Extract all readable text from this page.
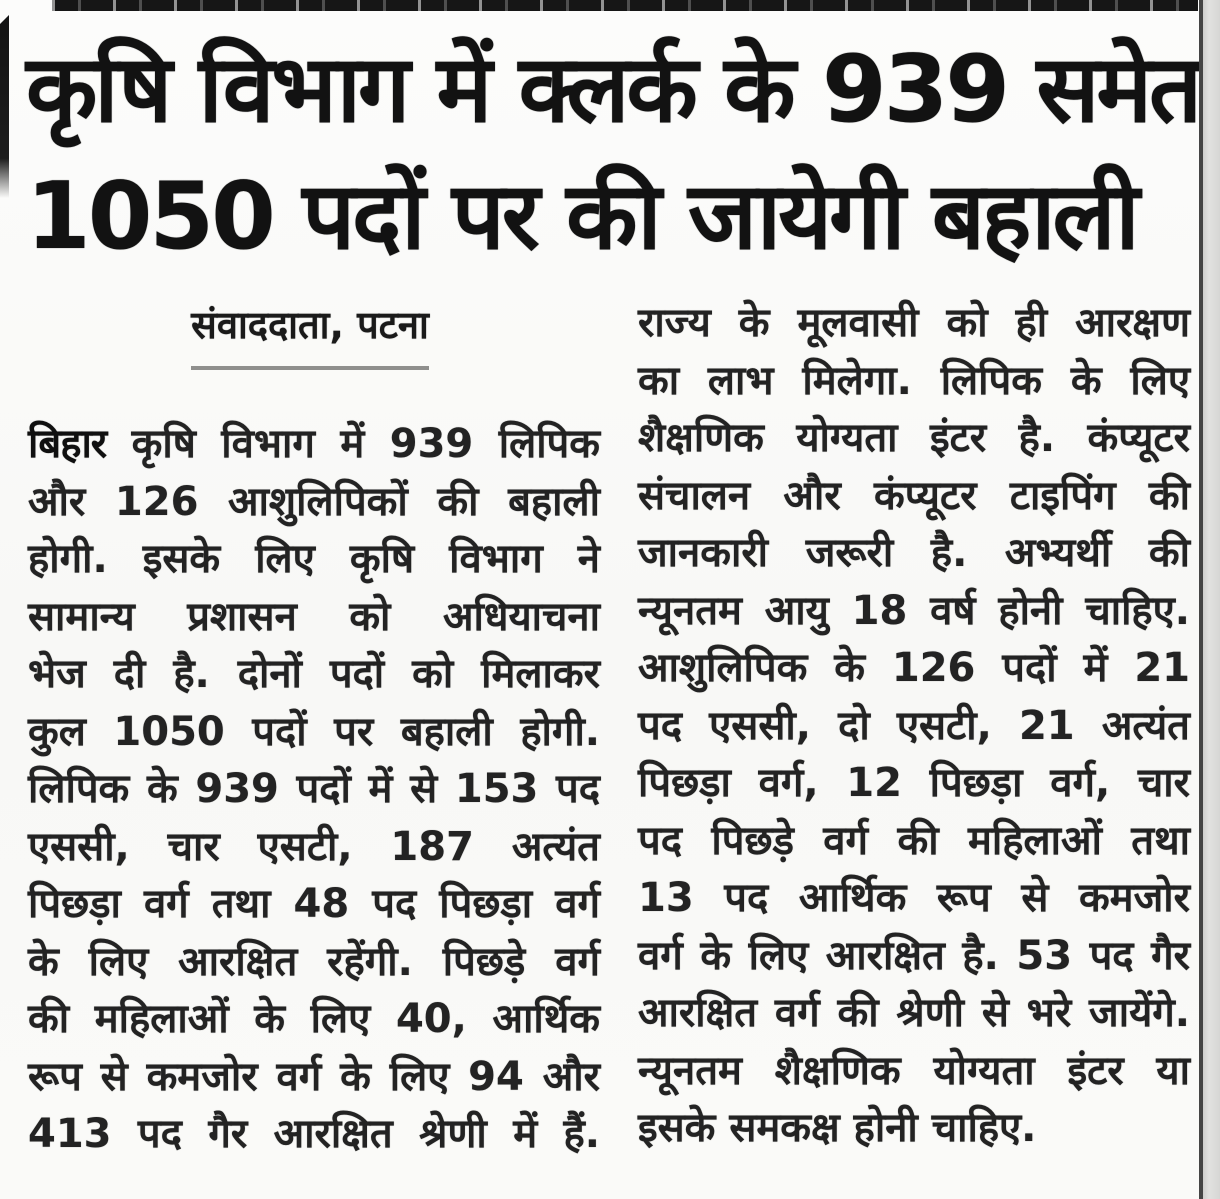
कृषि विभाग में क्लर्क के 939 समेत
1050 पदों पर की जायेगी बहाली
संवाददाता, पटना
बिहार कृषि विभाग में 939 लिपिक
और 126 आशुलिपिकों की बहाली
होगी. इसके लिए कृषि विभाग ने
सामान्य प्रशासन को अधियाचना
भेज दी है. दोनों पदों को मिलाकर
कुल 1050 पदों पर बहाली होगी.
लिपिक के 939 पदों में से 153 पद
एससी, चार एसटी, 187 अत्यंत
पिछड़ा वर्ग तथा 48 पद पिछड़ा वर्ग
के लिए आरक्षित रहेंगी. पिछड़े वर्ग
की महिलाओं के लिए 40, आर्थिक
रूप से कमजोर वर्ग के लिए 94 और
413 पद गैर आरक्षित श्रेणी में हैं.
राज्य के मूलवासी को ही आरक्षण
का लाभ मिलेगा. लिपिक के लिए
शैक्षणिक योग्यता इंटर है. कंप्यूटर
संचालन और कंप्यूटर टाइपिंग की
जानकारी जरूरी है. अभ्यर्थी की
न्यूनतम आयु 18 वर्ष होनी चाहिए.
आशुलिपिक के 126 पदों में 21
पद एससी, दो एसटी, 21 अत्यंत
पिछड़ा वर्ग, 12 पिछड़ा वर्ग, चार
पद पिछड़े वर्ग की महिलाओं तथा
13 पद आर्थिक रूप से कमजोर
वर्ग के लिए आरक्षित है. 53 पद गैर
आरक्षित वर्ग की श्रेणी से भरे जायेंगे.
न्यूनतम शैक्षणिक योग्यता इंटर या
इसके समकक्ष होनी चाहिए.
